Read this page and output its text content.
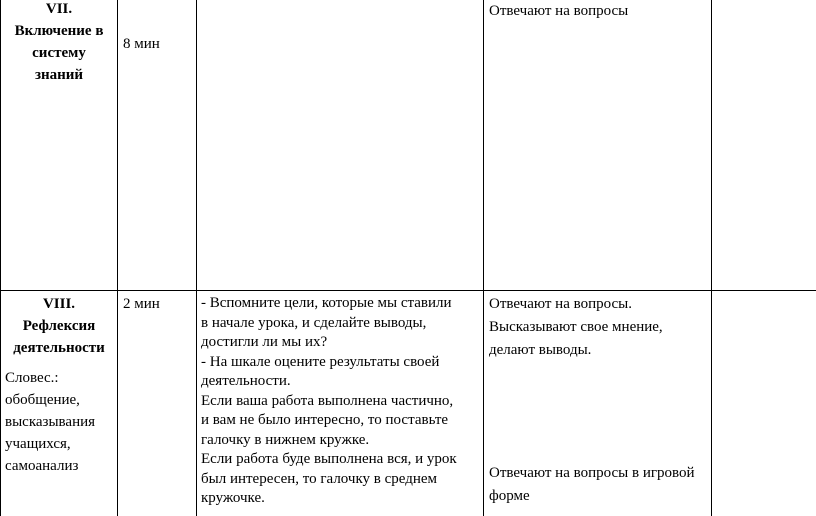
VII.
Включение в
систему
знаний
8 мин
Отвечают на вопросы
VIII.
Рефлексия
деятельности
Словес.:
обобщение,
высказывания
учащихся,
самоанализ
2 мин	- Вспомните цели, которые мы ставили
в начале урока, и сделайте выводы,
достигли ли мы их?
- На шкале оцените результаты своей
деятельности.
Если ваша работа выполнена частично,
и вам не было интересно, то поставьте
галочку в нижнем кружке.
Если работа буде выполнена вся, и урок
был интересен, то галочку в среднем
кружочке.
Отвечают на вопросы.
Высказывают свое мнение,
делают выводы.
Отвечают на вопросы в игровой
форме
